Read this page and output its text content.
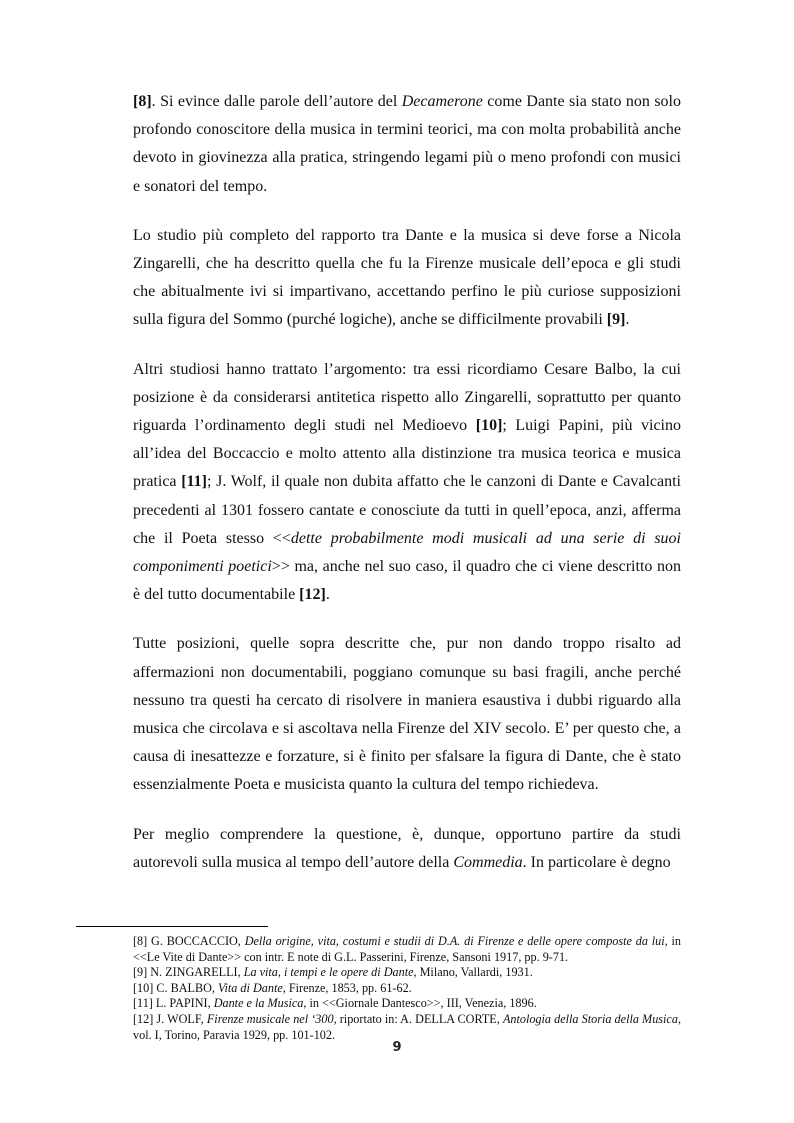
[8]. Si evince dalle parole dell’autore del Decamerone come Dante sia stato non solo profondo conoscitore della musica in termini teorici, ma con molta probabilità anche devoto in giovinezza alla pratica, stringendo legami più o meno profondi con musici e sonatori del tempo.

Lo studio più completo del rapporto tra Dante e la musica si deve forse a Nicola Zingarelli, che ha descritto quella che fu la Firenze musicale dell’epoca e gli studi che abitualmente ivi si impartivano, accettando perfino le più curiose supposizioni sulla figura del Sommo (purché logiche), anche se difficilmente provabili [9].

Altri studiosi hanno trattato l’argomento: tra essi ricordiamo Cesare Balbo, la cui posizione è da considerarsi antitetica rispetto allo Zingarelli, soprattutto per quanto riguarda l’ordinamento degli studi nel Medioevo [10]; Luigi Papini, più vicino all’idea del Boccaccio e molto attento alla distinzione tra musica teorica e musica pratica [11]; J. Wolf, il quale non dubita affatto che le canzoni di Dante e Cavalcanti precedenti al 1301 fossero cantate e conosciute da tutti in quell’epoca, anzi, afferma che il Poeta stesso <<dette probabilmente modi musicali ad una serie di suoi componimenti poetici>> ma, anche nel suo caso, il quadro che ci viene descritto non è del tutto documentabile [12].

Tutte posizioni, quelle sopra descritte che, pur non dando troppo risalto ad affermazioni non documentabili, poggiano comunque su basi fragili, anche perché nessuno tra questi ha cercato di risolvere in maniera esaustiva i dubbi riguardo alla musica che circolava e si ascoltava nella Firenze del XIV secolo. E’ per questo che, a causa di inesattezze e forzature, si è finito per sfalsare la figura di Dante, che è stato essenzialmente Poeta e musicista quanto la cultura del tempo richiedeva.

Per meglio comprendere la questione, è, dunque, opportuno partire da studi autorevoli sulla musica al tempo dell’autore della Commedia. In particolare è degno

[8] G. BOCCACCIO, Della origine, vita, costumi e studii di D.A. di Firenze e delle opere composte da lui, in <<Le Vite di Dante>> con intr. E note di G.L. Passerini, Firenze, Sansoni 1917, pp. 9-71.

[9] N. ZINGARELLI, La vita, i tempi e le opere di Dante, Milano, Vallardi, 1931.

[10] C. BALBO, Vita di Dante, Firenze, 1853, pp. 61-62.

[11] L. PAPINI, Dante e la Musica, in <<Giornale Dantesco>>, III, Venezia, 1896.

[12] J. WOLF, Firenze musicale nel ‘300, riportato in: A. DELLA CORTE, Antologia della Storia della Musica, vol. I, Torino, Paravia 1929, pp. 101-102.

9
